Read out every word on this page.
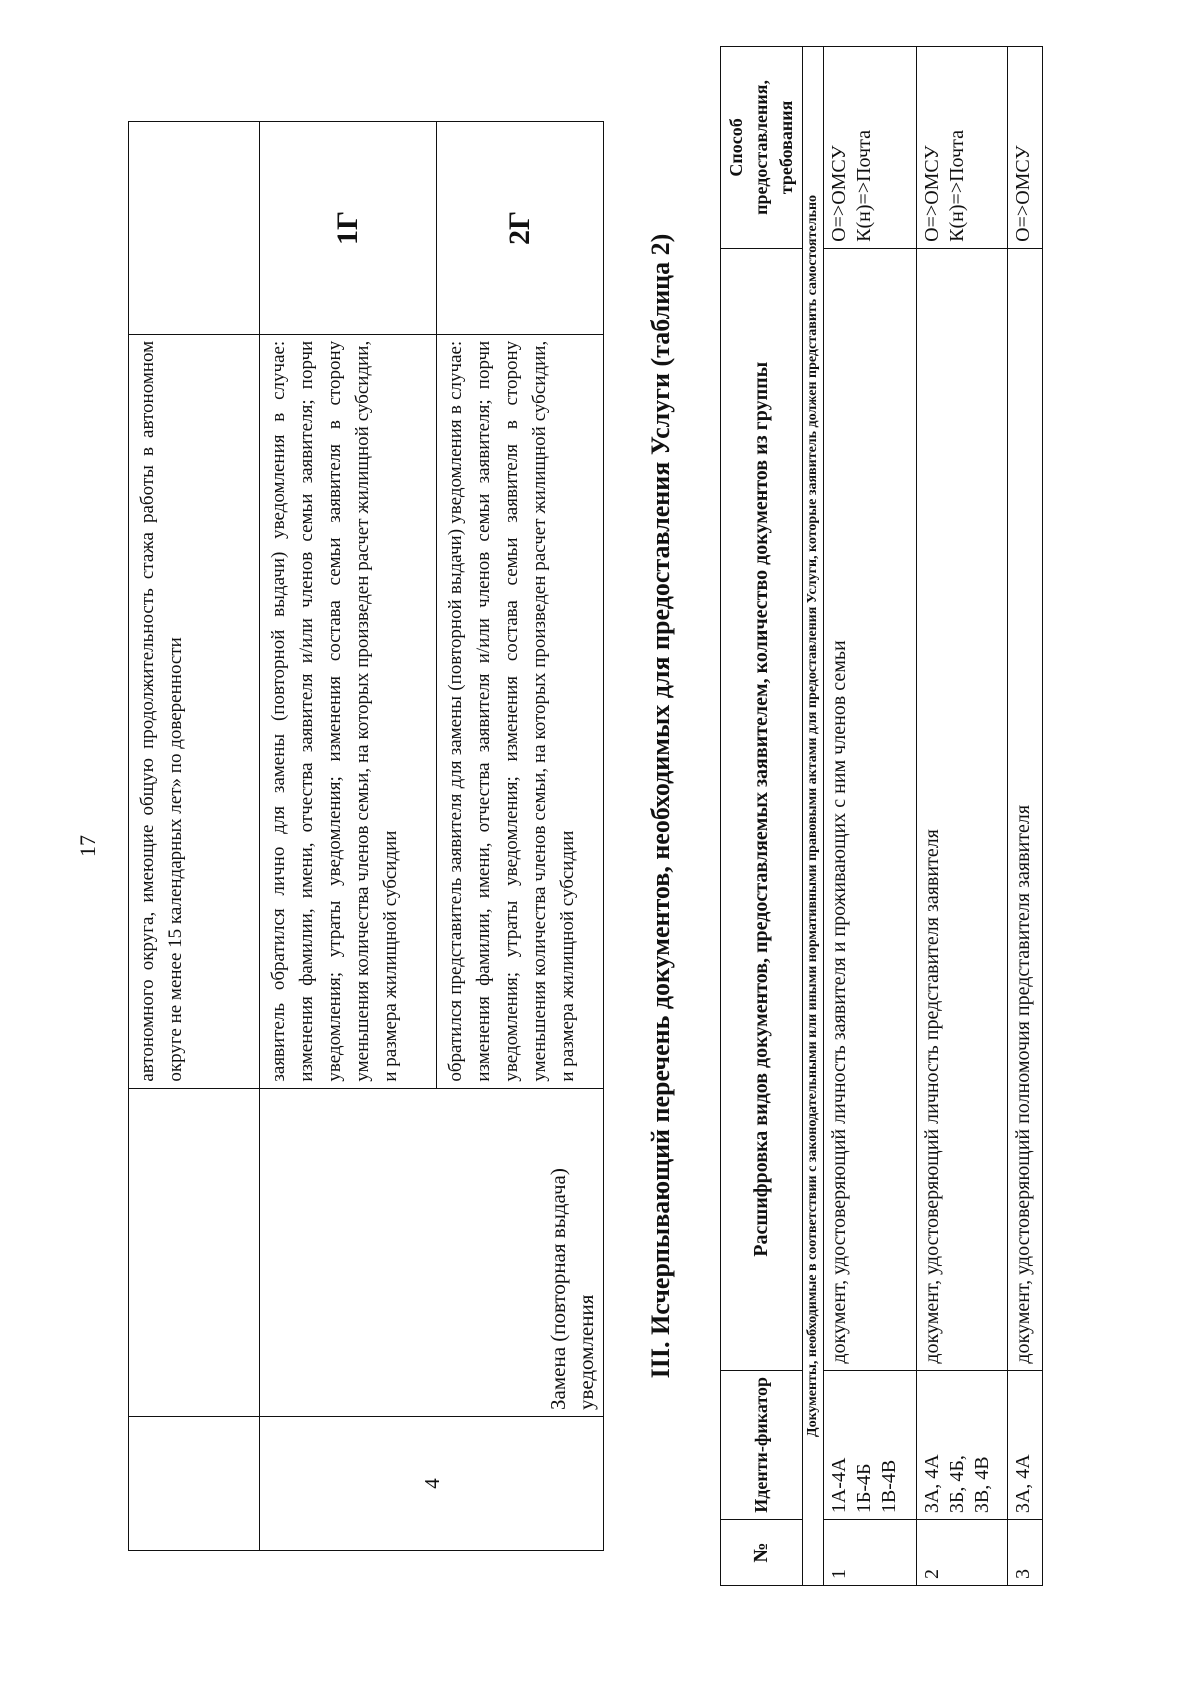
17
		автономного округа, имеющие общую продолжительность стажа работы в автономном округе не менее 15 календарных лет» по доверенности	
4	Замена (повторная выдача) уведомления	заявитель обратился лично для замены (повторной выдачи) уведомления в случае: изменения фамилии, имени, отчества заявителя и/или членов семьи заявителя; порчи уведомления; утраты уведомления; изменения состава семьи заявителя в сторону уменьшения количества членов семьи, на которых произведен расчет жилищной субсидии, и размера жилищной субсидии	1Г
		обратился представитель заявителя для замены (повторной выдачи) уведомления в случае: изменения фамилии, имени, отчества заявителя и/или членов семьи заявителя; порчи уведомления; утраты уведомления; изменения состава семьи заявителя в сторону уменьшения количества членов семьи, на которых произведен расчет жилищной субсидии, и размера жилищной субсидии	2Г
III. Исчерпывающий перечень документов, необходимых для предоставления Услуги (таблица 2)
№	Иденти-фикатор	Расшифровка видов документов, предоставляемых заявителем, количество документов из группы	Способ предоставления, требования
Документы, необходимые в соответствии с законодательными или иными нормативными правовыми актами для предоставления Услуги, которые заявитель должен представить самостоятельно			
1	1А-4А 1Б-4Б 1В-4В	документ, удостоверяющий личность заявителя и проживающих с ним членов семьи	О=>ОМСУ К(н)=>Почта

2	3А, 4А 3Б, 4Б, 3В, 4В	документ, удостоверяющий личность представителя заявителя	О=>ОМСУ К(н)=>Почта

3	3А, 4А	документ, удостоверяющий полномочия представителя заявителя	О=>ОМСУ
